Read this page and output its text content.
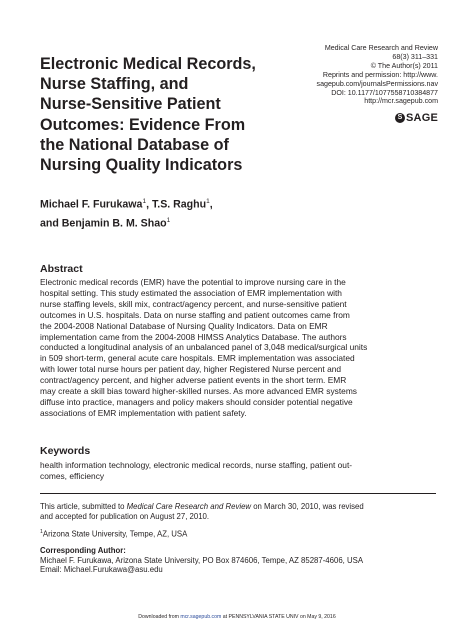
Electronic Medical Records,
Nurse Staffing, and
Nurse-Sensitive Patient
Outcomes: Evidence From
the National Database of
Nursing Quality Indicators
Medical Care Research and Review
68(3) 311–331
© The Author(s) 2011
Reprints and permission: http://www.
sagepub.com/journalsPermissions.nav
DOI: 10.1177/1077558710384877
http://mcr.sagepub.com
S SAGE
Michael F. Furukawa$^1$, T.S. Raghu$^1$,
and Benjamin B. M. Shao$^1$
Abstract
Electronic medical records (EMR) have the potential to improve nursing care in the
hospital setting. This study estimated the association of EMR implementation with
nurse staffing levels, skill mix, contract/agency percent, and nurse-sensitive patient
outcomes in U.S. hospitals. Data on nurse staffing and patient outcomes came from
the 2004-2008 National Database of Nursing Quality Indicators. Data on EMR
implementation came from the 2004-2008 HIMSS Analytics Database. The authors
conducted a longitudinal analysis of an unbalanced panel of 3,048 medical/surgical units
in 509 short-term, general acute care hospitals. EMR implementation was associated
with lower total nurse hours per patient day, higher Registered Nurse percent and
contract/agency percent, and higher adverse patient events in the short term. EMR
may create a skill bias toward higher-skilled nurses. As more advanced EMR systems
diffuse into practice, managers and policy makers should consider potential negative
associations of EMR implementation with patient safety.
Keywords
health information technology, electronic medical records, nurse staffing, patient out-
comes, efficiency
This article, submitted to Medical Care Research and Review on March 30, 2010, was revised
and accepted for publication on August 27, 2010.
$^1$Arizona State University, Tempe, AZ, USA
Corresponding Author:
Michael F. Furukawa, Arizona State University, PO Box 874606, Tempe, AZ 85287-4606, USA
Email: Michael.Furukawa@asu.edu
Downloaded from mcr.sagepub.com at PENNSYLVANIA STATE UNIV on May 9, 2016
